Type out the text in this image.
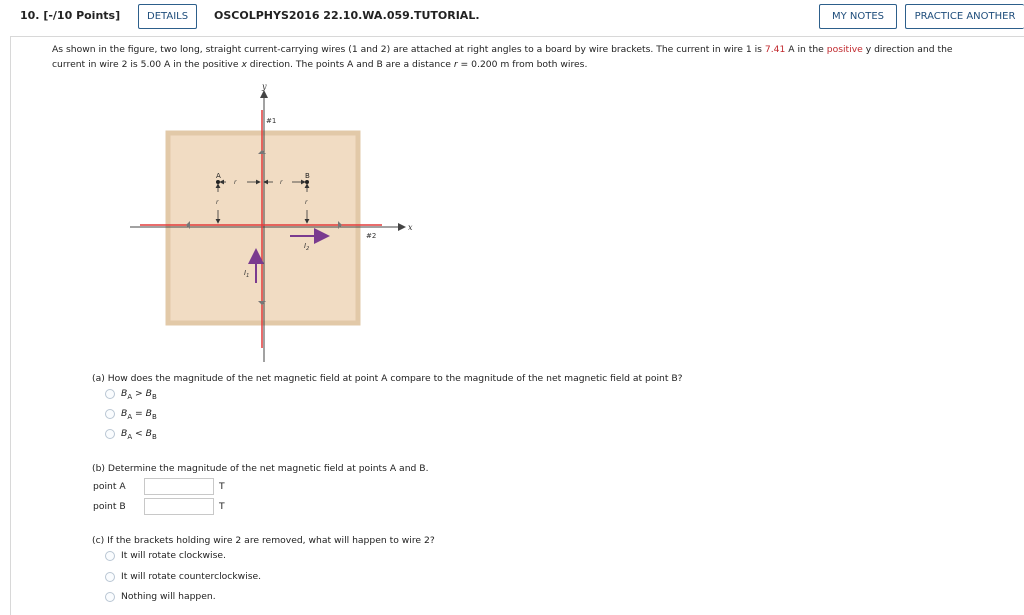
10. [-/10 Points]	DETAILS	OSCOLPHYS2016 22.10.WA.059.TUTORIAL.	MY NOTES	PRACTICE ANOTHER
As shown in the figure, two long, straight current-carrying wires (1 and 2) are attached at right angles to a board by wire brackets. The current in wire 1 is 7.41 A in the positive y direction and the
current in wire 2 is 5.00 A in the positive x direction. The points A and B are a distance r = 0.200 m from both wires.
y
x
#1
#2
A	B
r
r
r
r
$I_1$
$I_2$
(a) How does the magnitude of the net magnetic field at point A compare to the magnitude of the net magnetic field at point B?
$B_A > B_B$
$B_A = B_B$
$B_A < B_B$
(b) Determine the magnitude of the net magnetic field at points A and B.
point A	T
point B	T
(c) If the brackets holding wire 2 are removed, what will happen to wire 2?
It will rotate clockwise.
It will rotate counterclockwise.
Nothing will happen.
